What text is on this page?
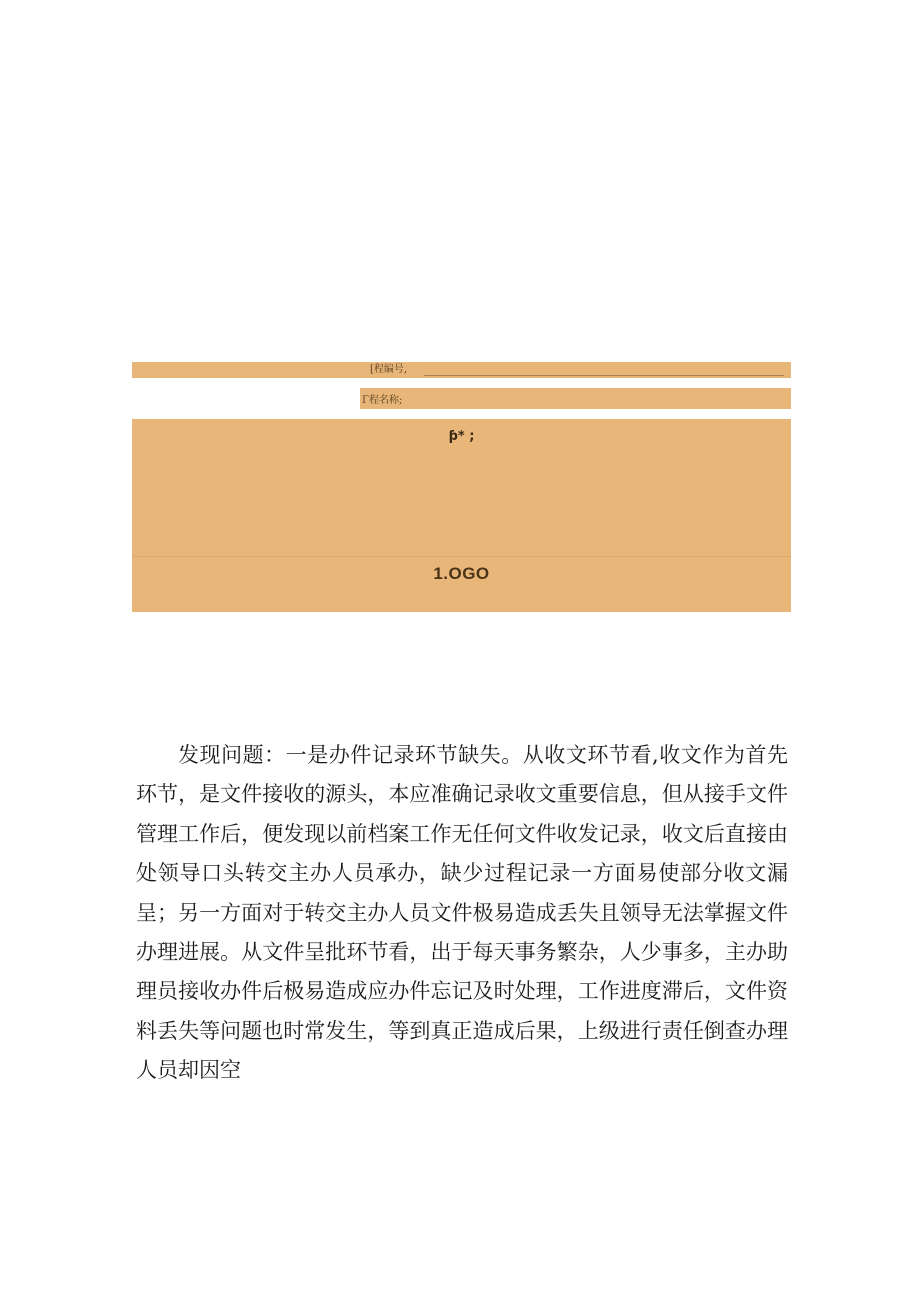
[程编号,
Γ程名称;
ƥ* ;
1.OGO
发现问题：一是办件记录环节缺失。从收文环节看,收文作为首先环节，是文件接收的源头，本应准确记录收文重要信息，但从接手文件管理工作后，便发现以前档案工作无任何文件收发记录，收文后直接由处领导口头转交主办人员承办，缺少过程记录一方面易使部分收文漏呈；另一方面对于转交主办人员文件极易造成丢失且领导无法掌握文件办理进展。从文件呈批环节看，出于每天事务繁杂，人少事多，主办助理员接收办件后极易造成应办件忘记及时处理，工作进度滞后，文件资料丢失等问题也时常发生，等到真正造成后果，上级进行责任倒查办理人员却因空
